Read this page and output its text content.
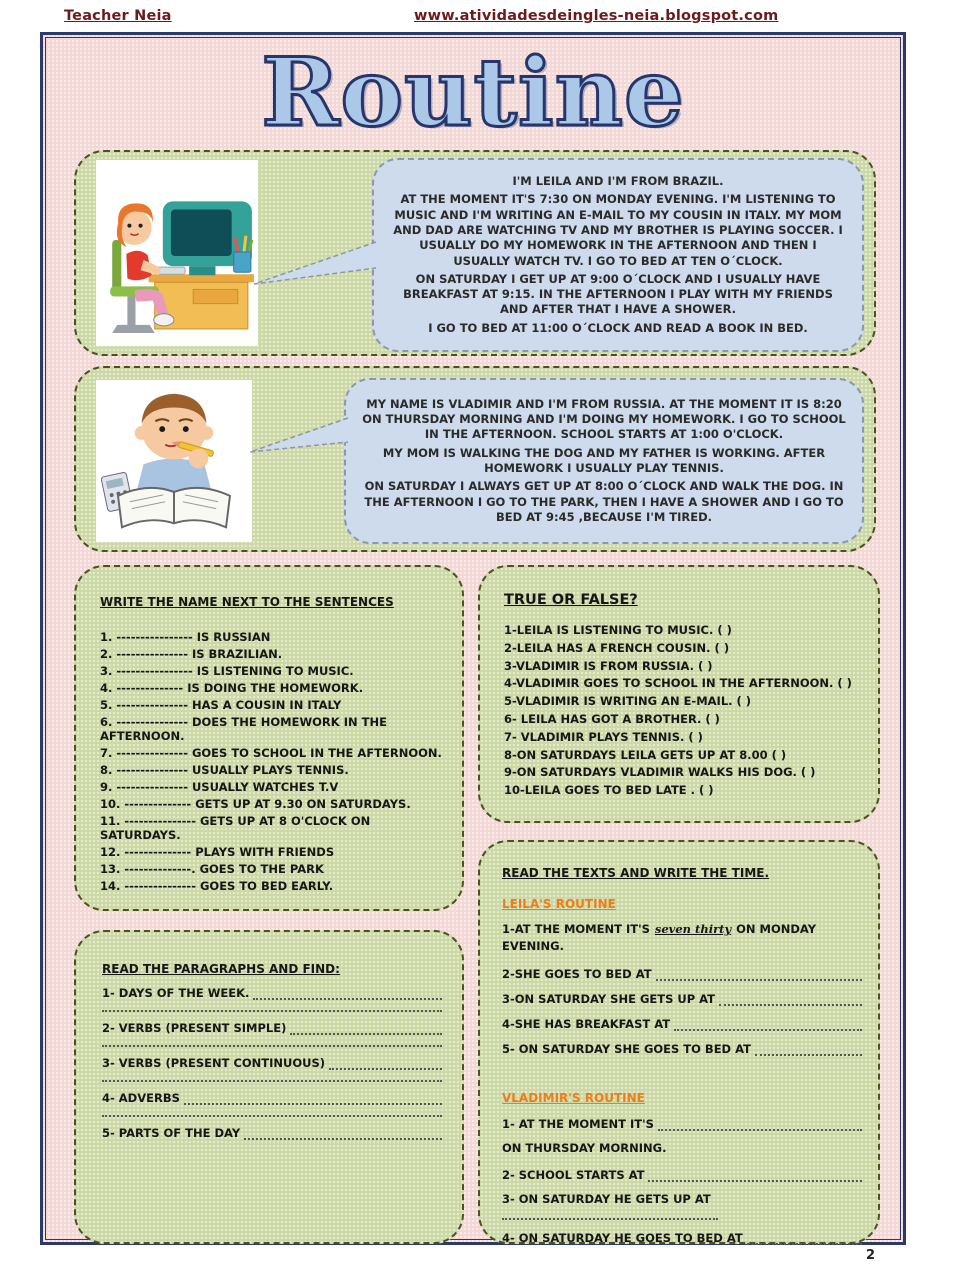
Teacher Neia	www.atividadesdeingles-neia.blogspot.com
Routine

I'M LEILA AND I'M FROM BRAZIL.

AT THE MOMENT IT'S 7:30 ON MONDAY EVENING. I'M LISTENING TO MUSIC AND I'M WRITING AN E-MAIL TO MY COUSIN IN ITALY. MY MOM AND DAD ARE WATCHING TV AND MY BROTHER IS PLAYING SOCCER. I USUALLY DO MY HOMEWORK IN THE AFTERNOON AND THEN I USUALLY WATCH TV. I GO TO BED AT TEN O´CLOCK.

ON SATURDAY I GET UP AT 9:00 O´CLOCK AND I USUALLY HAVE BREAKFAST AT 9:15. IN THE AFTERNOON I PLAY WITH MY FRIENDS AND AFTER THAT I HAVE A SHOWER.

I GO TO BED AT 11:00 O´CLOCK AND READ A BOOK IN BED.

MY NAME IS VLADIMIR AND I'M FROM RUSSIA. AT THE MOMENT IT IS 8:20 ON THURSDAY MORNING AND I'M DOING MY HOMEWORK. I GO TO SCHOOL IN THE AFTERNOON. SCHOOL STARTS AT 1:00 O'CLOCK.

MY MOM IS WALKING THE DOG AND MY FATHER IS WORKING. AFTER HOMEWORK I USUALLY PLAY TENNIS.

ON SATURDAY I ALWAYS GET UP AT 8:00 O´CLOCK AND WALK THE DOG. IN THE AFTERNOON I GO TO THE PARK, THEN I HAVE A SHOWER AND I GO TO BED AT 9:45 ,BECAUSE I'M TIRED.

WRITE THE NAME NEXT TO THE SENTENCES
1. ---------------- IS RUSSIAN
2. --------------- IS BRAZILIAN.
3. ---------------- IS LISTENING TO MUSIC.
4. -------------- IS DOING THE HOMEWORK.
5. --------------- HAS A COUSIN IN ITALY
6. --------------- DOES THE HOMEWORK IN THE AFTERNOON.
7. --------------- GOES TO SCHOOL IN THE AFTERNOON.
8. --------------- USUALLY PLAYS TENNIS.
9. --------------- USUALLY WATCHES T.V
10. -------------- GETS UP AT 9.30 ON SATURDAYS.
11. --------------- GETS UP AT 8 O'CLOCK ON SATURDAYS.
12. -------------- PLAYS WITH FRIENDS
13. --------------. GOES TO THE PARK
14. --------------- GOES TO BED EARLY.
TRUE OR FALSE?
1-LEILA IS LISTENING TO MUSIC. ( )
2-LEILA HAS A FRENCH COUSIN. ( )
3-VLADIMIR IS FROM RUSSIA. ( )
4-VLADIMIR GOES TO SCHOOL IN THE AFTERNOON. ( )
5-VLADIMIR IS WRITING AN E-MAIL. ( )
6- LEILA HAS GOT A BROTHER. ( )
7- VLADIMIR PLAYS TENNIS. ( )
8-ON SATURDAYS LEILA GETS UP AT 8.00 ( )
9-ON SATURDAYS VLADIMIR WALKS HIS DOG. ( )
10-LEILA GOES TO BED LATE . ( )
READ THE PARAGRAPHS AND FIND:
1- DAYS OF THE WEEK.
2- VERBS (PRESENT SIMPLE)
3- VERBS (PRESENT CONTINUOUS)
4- ADVERBS
5- PARTS OF THE DAY
READ THE TEXTS AND WRITE THE TIME.
LEILA'S ROUTINE
1-AT THE MOMENT IT'S seven thirty ON MONDAY EVENING.
2-SHE GOES TO BED AT
3-ON SATURDAY SHE GETS UP AT
4-SHE HAS BREAKFAST AT
5- ON SATURDAY SHE GOES TO BED AT

VLADIMIR'S ROUTINE
1- AT THE MOMENT IT'S
ON THURSDAY MORNING.
2- SCHOOL STARTS AT
3- ON SATURDAY HE GETS UP AT
4- ON SATURDAY HE GOES TO BED AT
2
